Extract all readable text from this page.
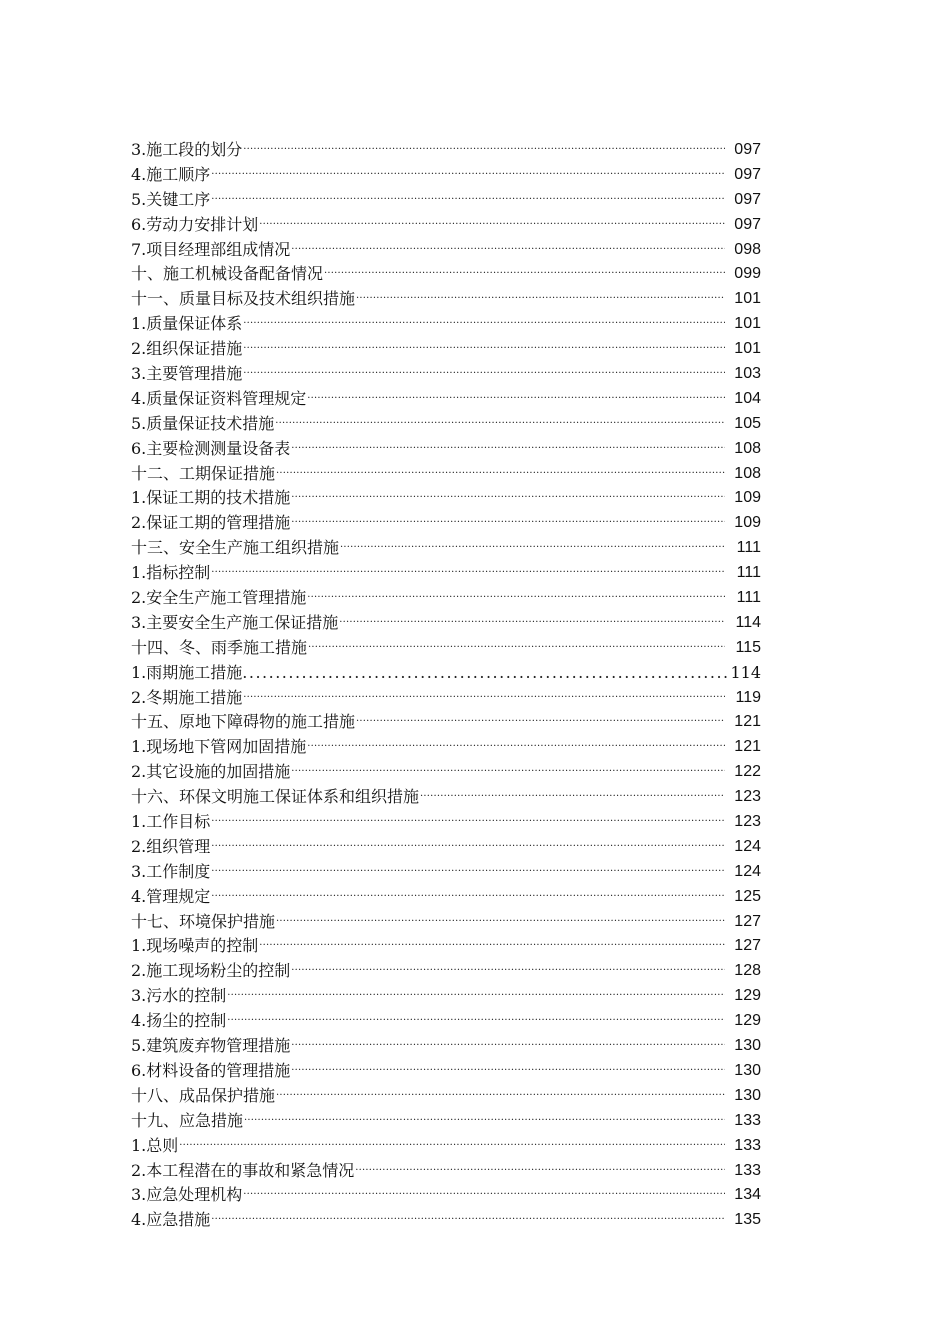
3.施工段的划分 ·····	097
4.施工顺序 ·····	097
5.关键工序 ·····	097
6.劳动力安排计划 ·····	097
7.项目经理部组成情况 ·····	098
十、施工机械设备配备情况 ·····	099
十一、质量目标及技术组织措施 ·····	101
1.质量保证体系 ·····	101
2.组织保证措施 ·····	101
3.主要管理措施 ·····	103
4.质量保证资料管理规定 ·····	104
5.质量保证技术措施 ·····	105
6.主要检测测量设备表 ·····	108
十二、工期保证措施 ·····	108
1.保证工期的技术措施 ·····	109
2.保证工期的管理措施 ·····	109
十三、安全生产施工组织措施 ·····	111
1.指标控制 ·····	111
2.安全生产施工管理措施 ·····	111
3.主要安全生产施工保证措施 ·····	114
十四、冬、雨季施工措施 ·····	115
1.雨期施工措施 .....	114
2.冬期施工措施 ·····	119
十五、原地下障碍物的施工措施 ·····	121
1.现场地下管网加固措施 ·····	121
2.其它设施的加固措施 ·····	122
十六、环保文明施工保证体系和组织措施 ·····	123
1.工作目标 ·····	123
2.组织管理 ·····	124
3.工作制度 ·····	124
4.管理规定 ·····	125
十七、环境保护措施 ·····	127
1.现场噪声的控制 ·····	127
2.施工现场粉尘的控制 ·····	128
3.污水的控制 ·····	129
4.扬尘的控制 ·····	129
5.建筑废弃物管理措施 ·····	130
6.材料设备的管理措施 ·····	130
十八、成品保护措施 ·····	130
十九、应急措施 ·····	133
1.总则 ·····	133
2.本工程潜在的事故和紧急情况 ·····	133
3.应急处理机构 ·····	134
4.应急措施 ·····	135
